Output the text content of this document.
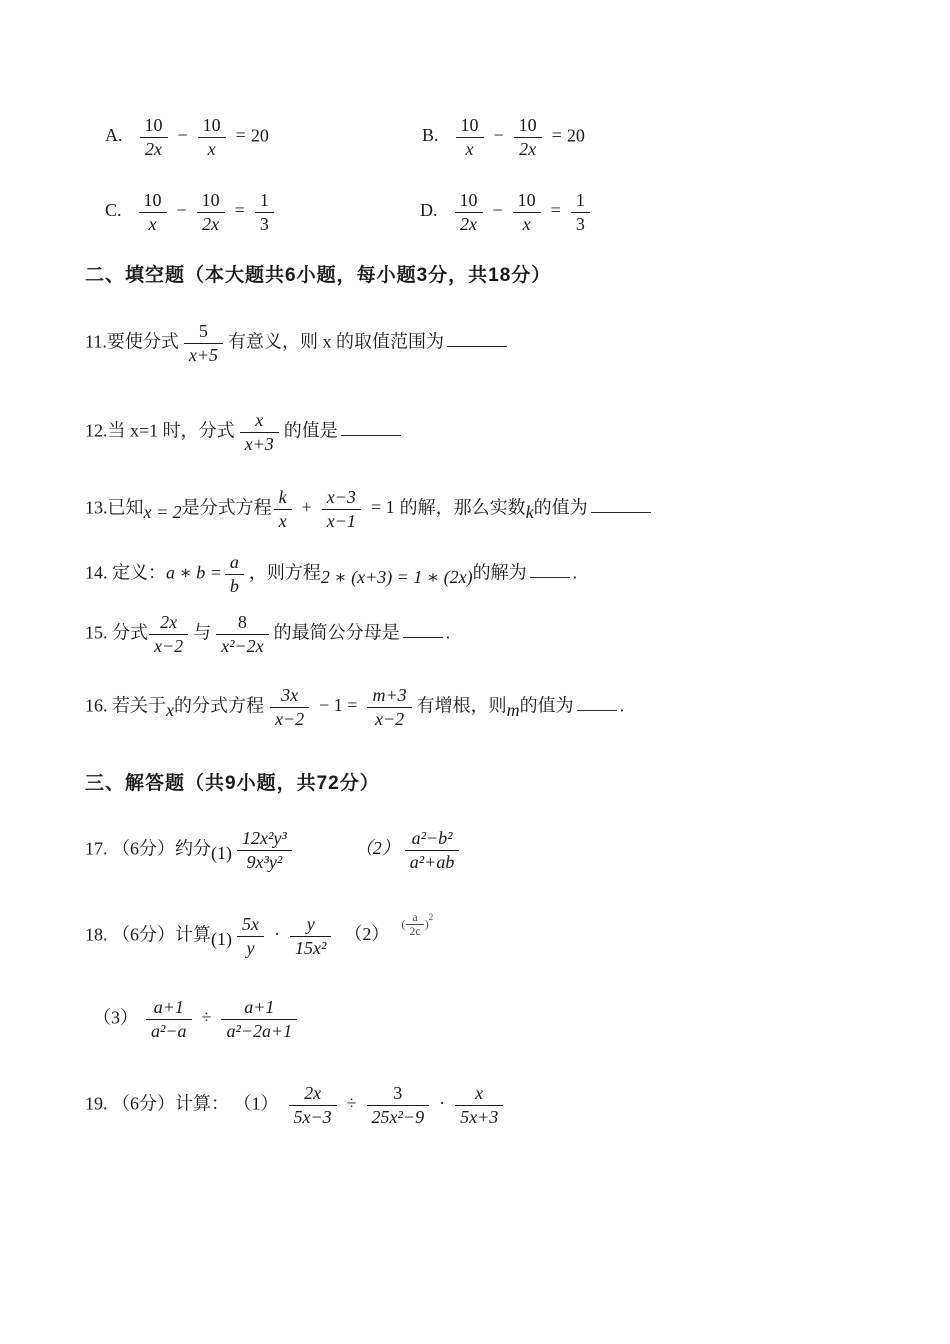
A. $\frac{10}{2x} - \frac{10}{x} = 20$	B. $\frac{10}{x} - \frac{10}{2x} = 20$
C. $\frac{10}{x} - \frac{10}{2x} = \frac{1}{3}$	D. $\frac{10}{2x} - \frac{10}{x} = \frac{1}{3}$
二、填空题（本大题共6小题，每小题3分，共18分）
11.要使分式 $\frac{5}{x+5}$ 有意义，则 x 的取值范围为
12.当 x=1 时，分式 $\frac{x}{x+3}$ 的值是
13.已知x = 2是分式方程 $\frac{k}{x} + \frac{x-3}{x-1} = 1$ 的解，那么实数k的值为
14. 定义：a ∗ $b = \frac{a}{b}$ ，则方程2 ∗ (x+3) = 1 ∗ (2x)的解为	.
15. 分式 $\frac{2x}{x-2}$ 与 $\frac{8}{\text{x²−2x}}$ 的最简公分母是	.
16. 若关于x的分式方程 $\frac{3x}{x-2} - 1 = \frac{m+3}{x-2}$ 有增根，则m的值为	.
三、解答题（共9小题，共72分）
17. （6分）约分$(1) \frac{\text{12x²y³}}{\text{9x³y²}}$	$(2) \frac{\text{a²−b²}}{\text{a²+ab}}$
18. （6分）计算$(1) \frac{5x}{y} \cdot \frac{y}{\text{15x²}} (2)( \frac{a}{2c} )^2$
$(3) \frac{a+1}{\text{a²−a}} \div \frac{a+1}{\text{a²−2a+1}}$
19. （6分）计算： $(1) \frac{2x}{5x-3} \div \frac{3}{\text{25x²−9}} \cdot \frac{x}{5x+3}$
